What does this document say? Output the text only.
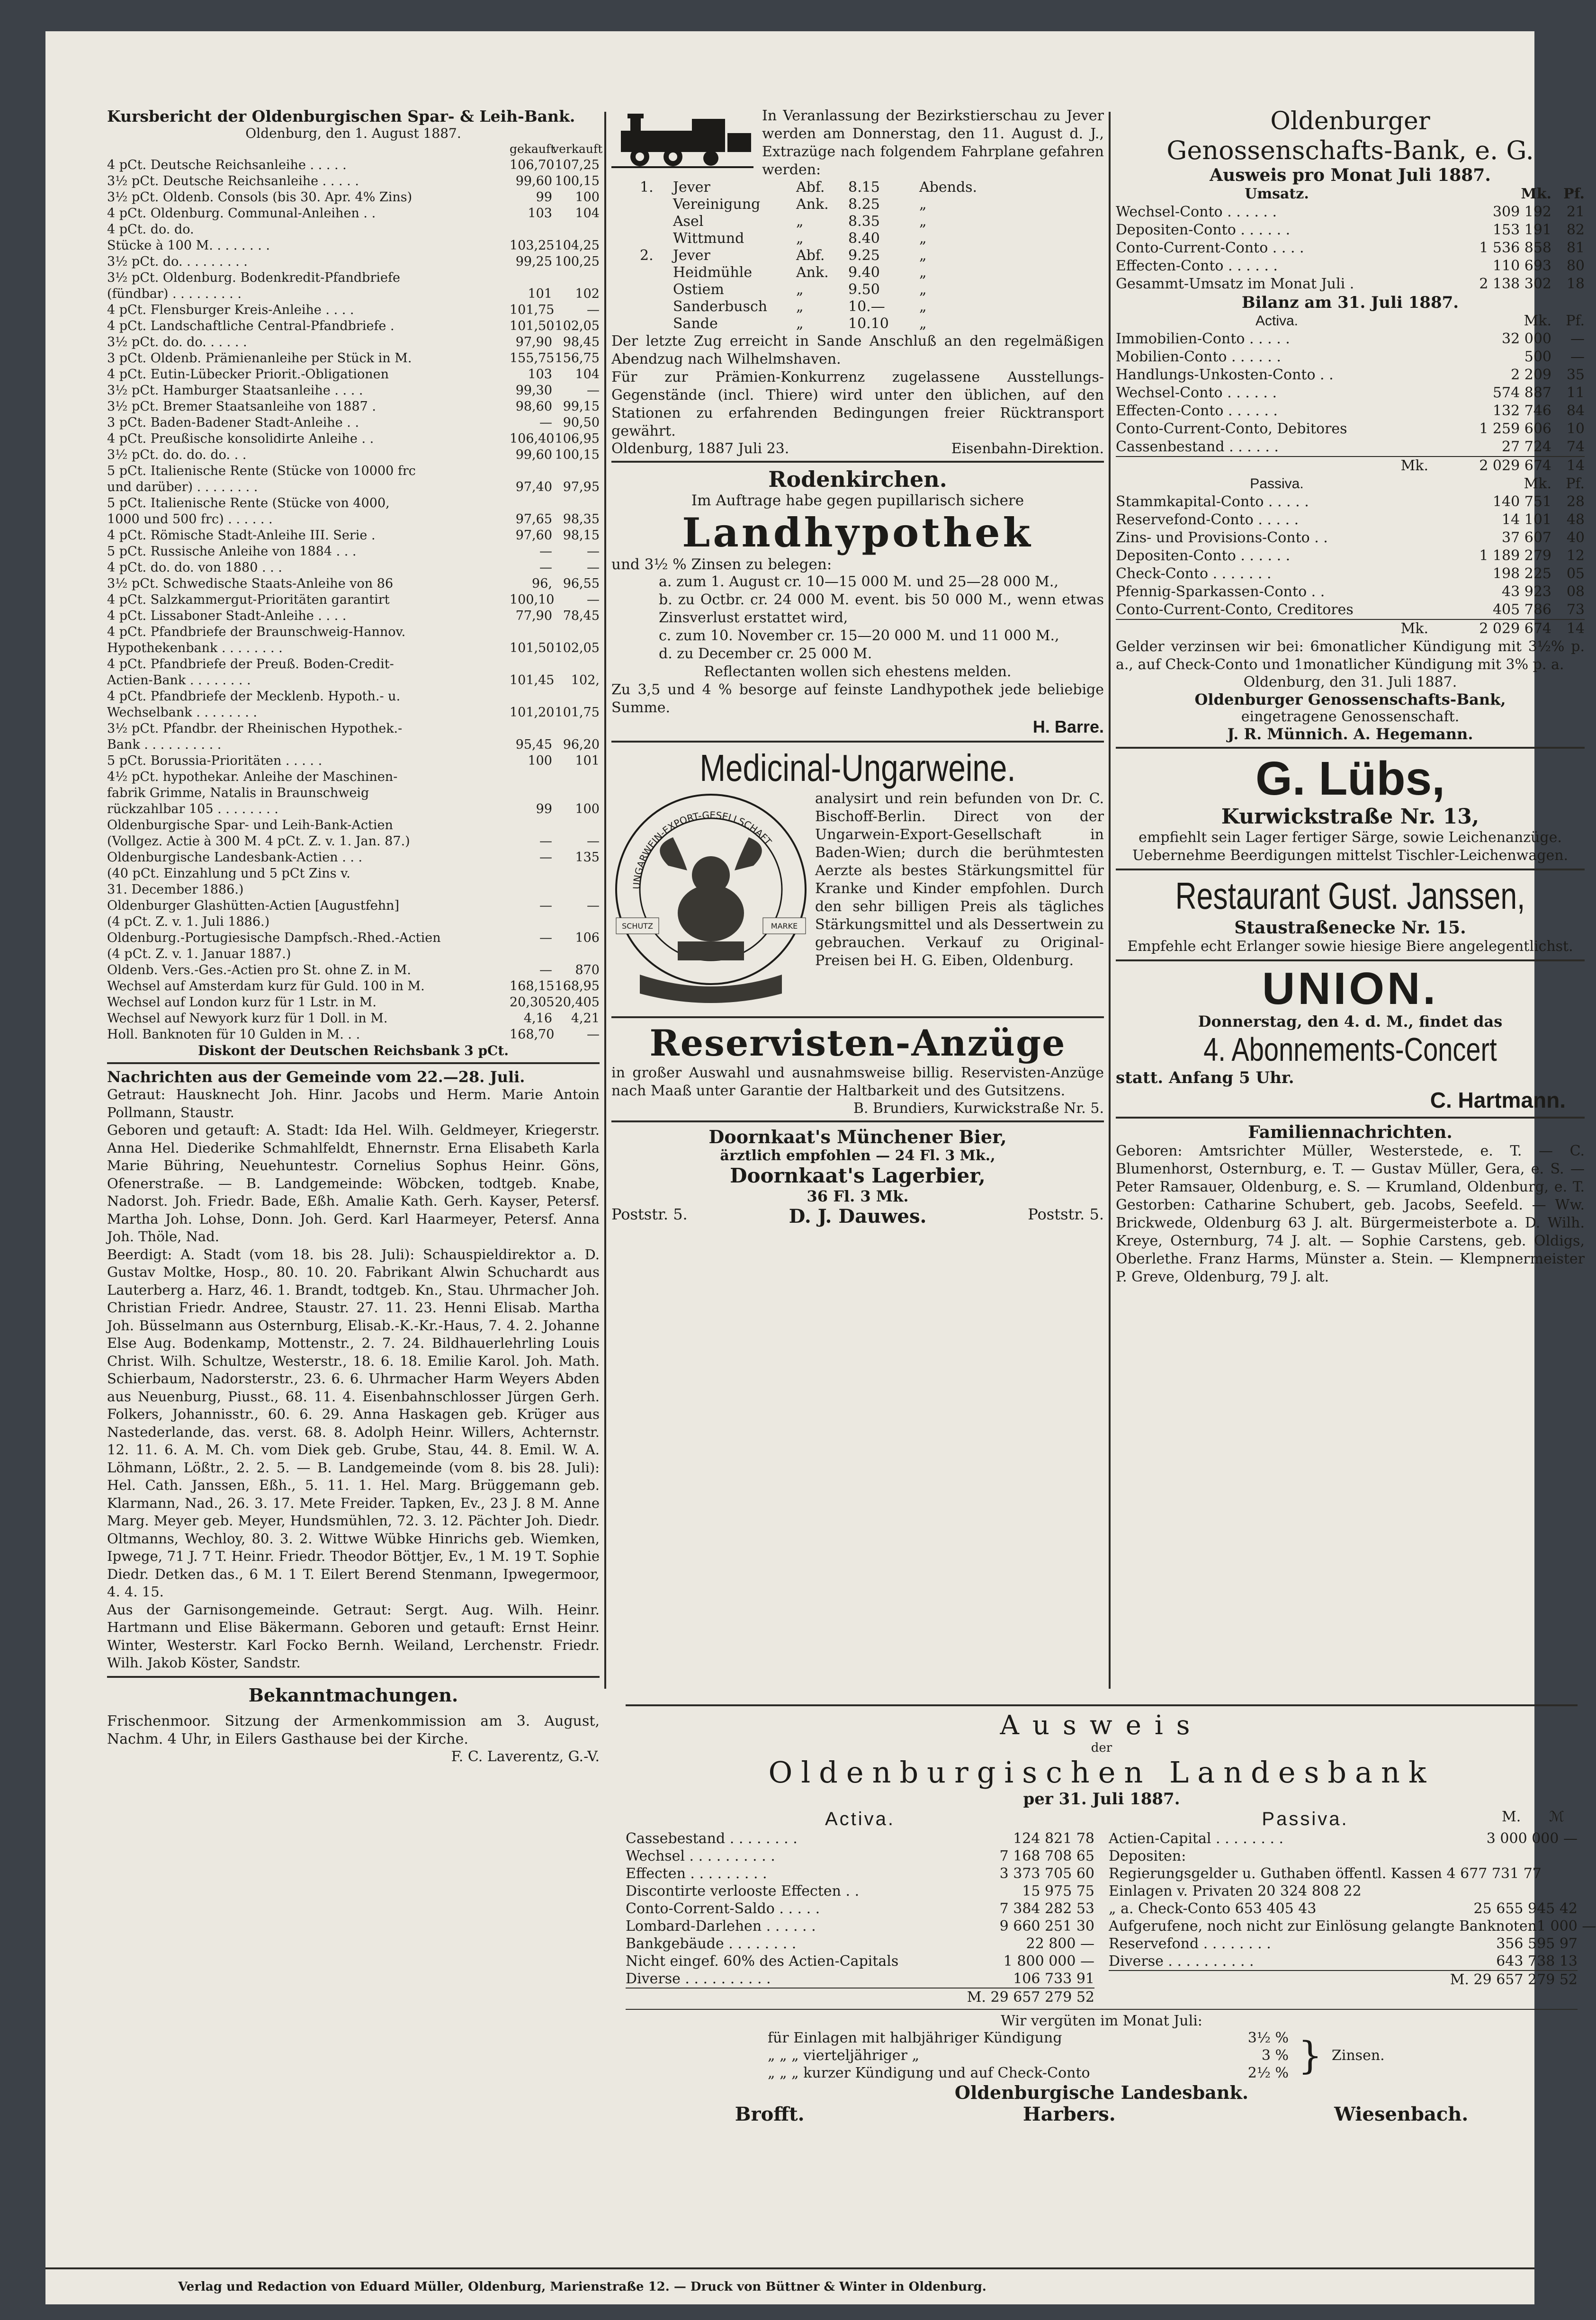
Kursbericht der Oldenburgischen Spar- & Leih-Bank.
Oldenburg, den 1. August 1887.
gekauft
verkauft
4 pCt. Deutsche Reichsanleihe . . . . .	106,70 107,25
3½ pCt. Deutsche Reichsanleihe . . . . .	99,60 100,15
3½ pCt. Oldenb. Consols (bis 30. Apr. 4% Zins)	99	100
4 pCt. Oldenburg. Communal-Anleihen . .	103	104
4 pCt. do. do.
Stücke à 100 M. . . . . . . .	103,25 104,25
3½ pCt. do. . . . . . . . .	99,25 100,25
3½ pCt. Oldenburg. Bodenkredit-Pfandbriefe
(fündbar) . . . . . . . . .	101	102
4 pCt. Flensburger Kreis-Anleihe . . . .	101,75	—
4 pCt. Landschaftliche Central-Pfandbriefe .	101,50 102,05
3½ pCt. do. do. . . . . .	97,90 98,45
3 pCt. Oldenb. Prämienanleihe per Stück in M.	155,75 156,75
4 pCt. Eutin-Lübecker Priorit.-Obligationen	103	104
3½ pCt. Hamburger Staatsanleihe . . . .	99,30	—
3½ pCt. Bremer Staatsanleihe von 1887 .	98,60 99,15
3 pCt. Baden-Badener Stadt-Anleihe . .	— 90,50
4 pCt. Preußische konsolidirte Anleihe . .	106,40 106,95
3½ pCt. do. do. do. . .	99,60 100,15
5 pCt. Italienische Rente (Stücke von 10000 frc
und darüber) . . . . . . . .	97,40 97,95
5 pCt. Italienische Rente (Stücke von 4000,
1000 und 500 frc) . . . . . .	97,65 98,35
4 pCt. Römische Stadt-Anleihe III. Serie .	97,60 98,15
5 pCt. Russische Anleihe von 1884 . . .	—	—
4 pCt. do. do. von 1880 . . .	—	—
3½ pCt. Schwedische Staats-Anleihe von 86	96, 96,55
4 pCt. Salzkammergut-Prioritäten garantirt	100,10	—
4 pCt. Lissaboner Stadt-Anleihe . . . .	77,90 78,45
4 pCt. Pfandbriefe der Braunschweig-Hannov.
Hypothekenbank . . . . . . . .	101,50 102,05
4 pCt. Pfandbriefe der Preuß. Boden-Credit-
Actien-Bank . . . . . . . .	101,45	102,
4 pCt. Pfandbriefe der Mecklenb. Hypoth.- u.
Wechselbank . . . . . . . .	101,20 101,75
3½ pCt. Pfandbr. der Rheinischen Hypothek.-
Bank . . . . . . . . . .	95,45 96,20
5 pCt. Borussia-Prioritäten . . . . .	100	101
4½ pCt. hypothekar. Anleihe der Maschinen-
fabrik Grimme, Natalis in Braunschweig
rückzahlbar 105 . . . . . . . .	99	100
Oldenburgische Spar- und Leih-Bank-Actien
(Vollgez. Actie à 300 M. 4 pCt. Z. v. 1. Jan. 87.)	—	—
Oldenburgische Landesbank-Actien . . .	—	135
(40 pCt. Einzahlung und 5 pCt Zins v.
31. December 1886.)
Oldenburger Glashütten-Actien [Augustfehn]	—	—
(4 pCt. Z. v. 1. Juli 1886.)
Oldenburg.-Portugiesische Dampfsch.-Rhed.-Actien	—	106
(4 pCt. Z. v. 1. Januar 1887.)
Oldenb. Vers.-Ges.-Actien pro St. ohne Z. in M.	—	870
Wechsel auf Amsterdam kurz für Guld. 100 in M.	168,15 168,95
Wechsel auf London kurz für 1 Lstr. in M.	20,305 20,405
Wechsel auf Newyork kurz für 1 Doll. in M.	4,16	4,21
Holl. Banknoten für 10 Gulden in M. . .	168,70	—
Diskont der Deutschen Reichsbank 3 pCt.
Nachrichten aus der Gemeinde vom 22.—28. Juli.

Getraut: Hausknecht Joh. Hinr. Jacobs und Herm. Marie Antoin Pollmann, Staustr.

Geboren und getauft: A. Stadt: Ida Hel. Wilh. Geldmeyer, Kriegerstr. Anna Hel. Diederike Schmahlfeldt, Ehnernstr. Erna Elisabeth Karla Marie Bühring, Neuehuntestr. Cornelius Sophus Heinr. Göns, Ofenerstraße. — B. Landgemeinde: Wöbcken, todtgeb. Knabe, Nadorst. Joh. Friedr. Bade, Eßh. Amalie Kath. Gerh. Kayser, Petersf. Martha Joh. Lohse, Donn. Joh. Gerd. Karl Haarmeyer, Petersf. Anna Joh. Thöle, Nad.

Beerdigt: A. Stadt (vom 18. bis 28. Juli): Schauspieldirektor a. D. Gustav Moltke, Hosp., 80. 10. 20. Fabrikant Alwin Schuchardt aus Lauterberg a. Harz, 46. 1. Brandt, todtgeb. Kn., Stau. Uhrmacher Joh. Christian Friedr. Andree, Staustr. 27. 11. 23. Henni Elisab. Martha Joh. Büsselmann aus Osternburg, Elisab.-K.-Kr.-Haus, 7. 4. 2. Johanne Else Aug. Bodenkamp, Mottenstr., 2. 7. 24. Bildhauerlehrling Louis Christ. Wilh. Schultze, Westerstr., 18. 6. 18. Emilie Karol. Joh. Math. Schierbaum, Nadorsterstr., 23. 6. 6. Uhrmacher Harm Weyers Abden aus Neuenburg, Piusst., 68. 11. 4. Eisenbahnschlosser Jürgen Gerh. Folkers, Johannisstr., 60. 6. 29. Anna Haskagen geb. Krüger aus Nastederlande, das. verst. 68. 8. Adolph Heinr. Willers, Achternstr. 12. 11. 6. A. M. Ch. vom Diek geb. Grube, Stau, 44. 8. Emil. W. A. Löhmann, Lößtr., 2. 2. 5. — B. Landgemeinde (vom 8. bis 28. Juli): Hel. Cath. Janssen, Eßh., 5. 11. 1. Hel. Marg. Brüggemann geb. Klarmann, Nad., 26. 3. 17. Mete Freider. Tapken, Ev., 23 J. 8 M. Anne Marg. Meyer geb. Meyer, Hundsmühlen, 72. 3. 12. Pächter Joh. Diedr. Oltmanns, Wechloy, 80. 3. 2. Wittwe Wübke Hinrichs geb. Wiemken, Ipwege, 71 J. 7 T. Heinr. Friedr. Theodor Böttjer, Ev., 1 M. 19 T. Sophie Diedr. Detken das., 6 M. 1 T. Eilert Berend Stenmann, Ipwegermoor, 4. 4. 15.

Aus der Garnisongemeinde. Getraut: Sergt. Aug. Wilh. Heinr. Hartmann und Elise Bäkermann. Geboren und getauft: Ernst Heinr. Winter, Westerstr. Karl Focko Bernh. Weiland, Lerchenstr. Friedr. Wilh. Jakob Köster, Sandstr.

Bekanntmachungen.

Frischenmoor. Sitzung der Armenkommission am 3. August, Nachm. 4 Uhr, in Eilers Gasthause bei der Kirche.

F. C. Laverentz, G.-V.

In Veranlassung der Bezirkstierschau zu Jever werden am Donnerstag, den 11. August d. J., Extrazüge nach folgendem Fahrplane gefahren werden:

1.	Jever	Abf.	8.15	Abends.
Vereinigung	Ank.	8.25	„
Asel	„	8.35	„
Wittmund	„	8.40	„
2.	Jever	Abf.	9.25	„
Heidmühle	Ank.	9.40	„
Ostiem	„	9.50	„
Sanderbusch	„	10.—	„
Sande	„	10.10	„

Der letzte Zug erreicht in Sande Anschluß an den regelmäßigen Abendzug nach Wilhelmshaven.

Für zur Prämien-Konkurrenz zugelassene Ausstellungs-Gegenstände (incl. Thiere) wird unter den üblichen, auf den Stationen zu erfahrenden Bedingungen freier Rücktransport gewährt.

Oldenburg, 1887 Juli 23.	Eisenbahn-Direktion.
Rodenkirchen.
Im Auftrage habe gegen pupillarisch sichere
Landhypothek
und 3½ % Zinsen zu belegen:

a. zum 1. August cr. 10—15 000 M. und 25—28 000 M.,

b. zu Octbr. cr. 24 000 M. event. bis 50 000 M., wenn etwas Zinsverlust erstattet wird,

c. zum 10. November cr. 15—20 000 M. und 11 000 M.,

d. zu December cr. 25 000 M.

Reflectanten wollen sich ehestens melden.

Zu 3,5 und 4 % besorge auf feinste Landhypothek jede beliebige Summe.

H. Barre.
Medicinal-Ungarweine.
UNGARWEIN-EXPORT-GESELLSCHAFT
SCHUTZ	MARKE

analysirt und rein befunden von Dr. C. Bischoff-Berlin. Direct von der Ungarwein-Export-Gesellschaft in Baden-Wien; durch die berühmtesten Aerzte als bestes Stärkungsmittel für Kranke und Kinder empfohlen. Durch den sehr billigen Preis als tägliches Stärkungsmittel und als Dessertwein zu gebrauchen. Verkauf zu Original-Preisen bei H. G. Eiben, Oldenburg.

Reservisten-Anzüge

in großer Auswahl und ausnahmsweise billig. Reservisten-Anzüge nach Maaß unter Garantie der Haltbarkeit und des Gutsitzens.

B. Brundiers, Kurwickstraße Nr. 5.
Doornkaat's Münchener Bier,
ärztlich empfohlen — 24 Fl. 3 Mk.,
Doornkaat's Lagerbier,
36 Fl. 3 Mk.
Poststr. 5.	D. J. Dauwes.	Poststr. 5.
Oldenburger
Genossenschafts-Bank, e. G.
Ausweis pro Monat Juli 1887.
Umsatz.	Mk. Pf.
Wechsel-Conto . . . . . .	309 192	21
Depositen-Conto . . . . . .	153 191	82
Conto-Current-Conto . . . .	1 536 858	81
Effecten-Conto . . . . . .	110 693	80
Gesammt-Umsatz im Monat Juli .	2 138 302	18
Bilanz am 31. Juli 1887.
Activa.	Mk.	Pf.
Immobilien-Conto . . . . .	32 000	—
Mobilien-Conto . . . . . .	500	—
Handlungs-Unkosten-Conto . .	2 209	35
Wechsel-Conto . . . . . .	574 887	11
Effecten-Conto . . . . . .	132 746	84
Conto-Current-Conto, Debitores	1 259 606	10
Cassenbestand . . . . . .	27 724	74
Mk.	2 029 674	14
Passiva.	Mk.	Pf.
Stammkapital-Conto . . . . .	140 751	28
Reservefond-Conto . . . . .	14 101	48
Zins- und Provisions-Conto . .	37 607	40
Depositen-Conto . . . . . .	1 189 279	12
Check-Conto . . . . . . .	198 225	05
Pfennig-Sparkassen-Conto . .	43 923	08
Conto-Current-Conto, Creditores	405 786	73
Mk.	2 029 674	14

Gelder verzinsen wir bei: 6monatlicher Kündigung mit 3½% p. a., auf Check-Conto und 1monatlicher Kündigung mit 3% p. a.

Oldenburg, den 31. Juli 1887.
Oldenburger Genossenschafts-Bank,
eingetragene Genossenschaft.
J. R. Münnich. A. Hegemann.
G. Lübs,
Kurwickstraße Nr. 13,

empfiehlt sein Lager fertiger Särge, sowie Leichenanzüge. Uebernehme Beerdigungen mittelst Tischler-Leichenwagen.

Restaurant Gust. Janssen,
Staustraßenecke Nr. 15.

Empfehle echt Erlanger sowie hiesige Biere angelegentlichst.

UNION.
Donnerstag, den 4. d. M., findet das
4. Abonnements-Concert
statt. Anfang 5 Uhr.
C. Hartmann.
Familiennachrichten.

Geboren: Amtsrichter Müller, Westerstede, e. T. — C. Blumenhorst, Osternburg, e. T. — Gustav Müller, Gera, e. S. — Peter Ramsauer, Oldenburg, e. S. — Krumland, Oldenburg, e. T. Gestorben: Catharine Schubert, geb. Jacobs, Seefeld. — Ww. Brickwede, Oldenburg 63 J. alt. Bürgermeisterbote a. D. Wilh. Kreye, Osternburg, 74 J. alt. — Sophie Carstens, geb. Oldigs, Oberlethe. Franz Harms, Münster a. Stein. — Klempnermeister P. Greve, Oldenburg, 79 J. alt.

Ausweis
der
Oldenburgischen Landesbank
per 31. Juli 1887.
Activa.
Cassebestand . . . . . . . .	124 821 78
Wechsel . . . . . . . . . .	7 168 708 65
Effecten . . . . . . . . .	3 373 705 60
Discontirte verlooste Effecten . .	15 975 75
Conto-Corrent-Saldo . . . . .	7 384 282 53
Lombard-Darlehen . . . . . .	9 660 251 30
Bankgebäude . . . . . . . .	22 800 —
Nicht eingef. 60% des Actien-Capitals	1 800 000 —
Diverse . . . . . . . . . .	106 733 91
M. 29 657 279 52
Passiva.	M.	ℳ
Actien-Capital . . . . . . . .	3 000 000 —
Depositen:
Regierungsgelder u. Guthaben öffentl. Kassen 4 677 731 77
Einlagen v. Privaten 20 324 808 22
„ a. Check-Conto 653 405 43	25 655 945 42
Aufgerufene, noch nicht zur Einlösung gelangte Banknoten 1 000 —
Reservefond . . . . . . . .	356 595 97
Diverse . . . . . . . . . .	643 738 13
M. 29 657 279 52
Wir vergüten im Monat Juli:
für Einlagen mit halbjähriger Kündigung	3½ %
„ „ „ vierteljähriger „	3 %
„ „ „ kurzer Kündigung und auf Check-Conto	2½ % } Zinsen.
Oldenburgische Landesbank.
Brofft.	Harbers.	Wiesenbach.
Verlag und Redaction von Eduard Müller, Oldenburg, Marienstraße 12. — Druck von Büttner & Winter in Oldenburg.
